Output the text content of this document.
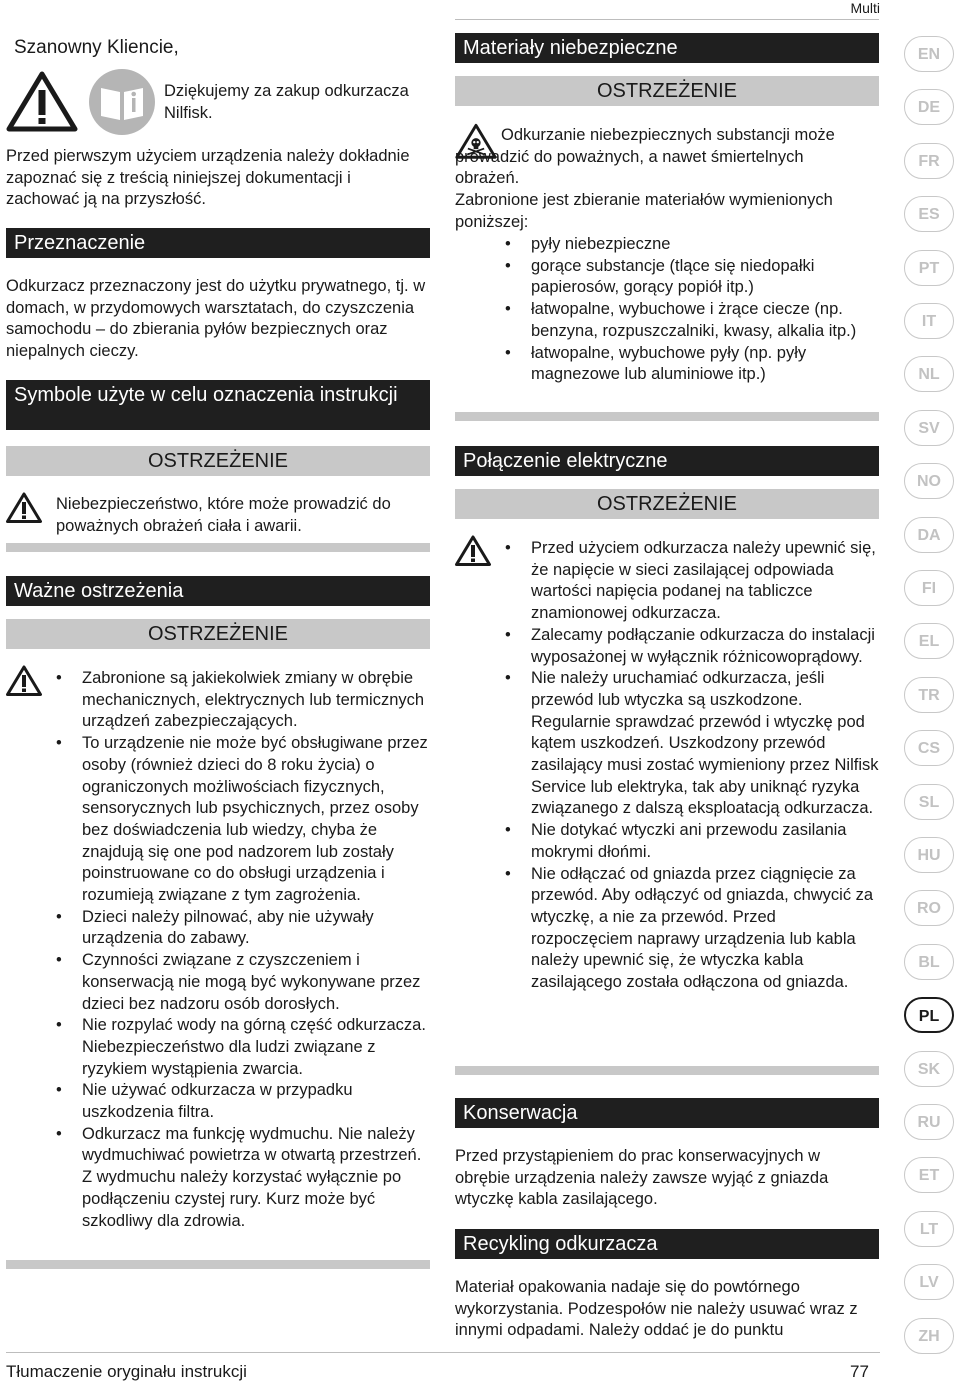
Multi
Szanowny Kliencie,

Dziękujemy za zakup odkurzacza Nilfisk.

Przed pierwszym użyciem urządzenia należy dokładnie zapoznać się z treścią niniejszej dokumentacji i zachować ją na przyszłość.

Przeznaczenie

Odkurzacz przeznaczony jest do użytku prywatnego, tj. w domach, w przydomowych warsztatach, do czyszczenia samochodu – do zbierania pyłów bezpiecznych oraz niepalnych cieczy.

Symbole użyte w celu oznaczenia instrukcji
OSTRZEŻENIE

Niebezpieczeństwo, które może prowadzić do poważnych obrażeń ciała i awarii.

Ważne ostrzeżenia
OSTRZEŻENIE
• Zabronione są jakiekolwiek zmiany w obrębie mechanicznych, elektrycznych lub termicznych urządzeń zabezpieczających.
• To urządzenie nie może być obsługiwane przez osoby (również dzieci do 8 roku życia) o ograniczonych możliwościach fizycznych, sensorycznych lub psychicznych, przez osoby bez doświadczenia lub wiedzy, chyba że znajdują się one pod nadzorem lub zostały poinstruowane co do obsługi urządzenia i rozumieją związane z tym zagrożenia.
• Dzieci należy pilnować, aby nie używały urządzenia do zabawy.
• Czynności związane z czyszczeniem i konserwacją nie mogą być wykonywane przez dzieci bez nadzoru osób dorosłych.
• Nie rozpylać wody na górną część odkurzacza. Niebezpieczeństwo dla ludzi związane z ryzykiem wystąpienia zwarcia.
• Nie używać odkurzacza w przypadku uszkodzenia filtra.
• Odkurzacz ma funkcję wydmuchu. Nie należy wydmuchiwać powietrza w otwartą przestrzeń. Z wydmuchu należy korzystać wyłącznie po podłączeniu czystej rury. Kurz może być szkodliwy dla zdrowia.
Materiały niebezpieczne
OSTRZEŻENIE

Odkurzanie niebezpiecznych substancji może prowadzić do poważnych, a nawet śmiertelnych obrażeń.

Zabronione jest zbieranie materiałów wymienionych poniższej:

• pyły niebezpieczne
• gorące substancje (tlące się niedopałki papierosów, gorący popiół itp.)
• łatwopalne, wybuchowe i żrące ciecze (np. benzyna, rozpuszczalniki, kwasy, alkalia itp.)
• łatwopalne, wybuchowe pyły (np. pyły magnezowe lub aluminiowe itp.)
Połączenie elektryczne
OSTRZEŻENIE
• Przed użyciem odkurzacza należy upewnić się, że napięcie w sieci zasilającej odpowiada wartości napięcia podanej na tabliczce znamionowej odkurzacza.
• Zalecamy podłączanie odkurzacza do instalacji wyposażonej w wyłącznik różnicowoprądowy.
• Nie należy uruchamiać odkurzacza, jeśli przewód lub wtyczka są uszkodzone. Regularnie sprawdzać przewód i wtyczkę pod kątem uszkodzeń. Uszkodzony przewód zasilający musi zostać wymieniony przez Nilfisk Service lub elektryka, tak aby uniknąć ryzyka związanego z dalszą eksploatacją odkurzacza.
• Nie dotykać wtyczki ani przewodu zasilania mokrymi dłońmi.
• Nie odłączać od gniazda przez ciągnięcie za przewód. Aby odłączyć od gniazda, chwycić za wtyczkę, a nie za przewód. Przed rozpoczęciem naprawy urządzenia lub kabla należy upewnić się, że wtyczka kabla zasilającego została odłączona od gniazda.
Konserwacja

Przed przystąpieniem do prac konserwacyjnych w obrębie urządzenia należy zawsze wyjąć z gniazda wtyczkę kabla zasilającego.

Recykling odkurzacza

Materiał opakowania nadaje się do powtórnego wykorzystania. Podzespołów nie należy usuwać wraz z innymi odpadami. Należy oddać je do punktu

EN
DE
FR
ES
PT
IT
NL
SV
NO
DA
FI
EL
TR
CS
SL
HU
RO
BL
PL
SK
RU
ET
LT
LV
ZH
Tłumaczenie oryginału instrukcji	77
